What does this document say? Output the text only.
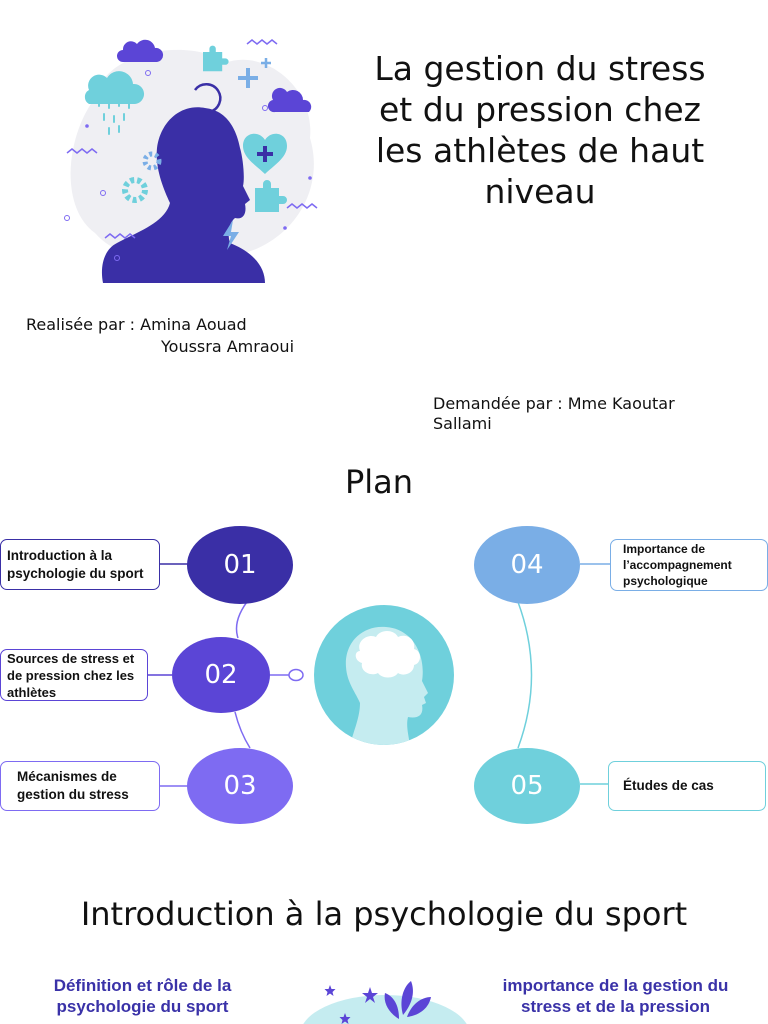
La gestion du stress
et du pression chez
les athlètes de haut
niveau
Realisée par : Amina Aouad
Youssra Amraoui
Demandée par : Mme Kaoutar Sallami
Plan
01
02
03
04
05
Introduction à la psychologie du sport
Sources de stress et de pression chez les athlètes
Mécanismes de gestion du stress
Importance de l’accompagnement psychologique
Études de cas
Introduction à la psychologie du sport
Définition et rôle de la psychologie du sport
importance de la gestion du stress et de la pression
